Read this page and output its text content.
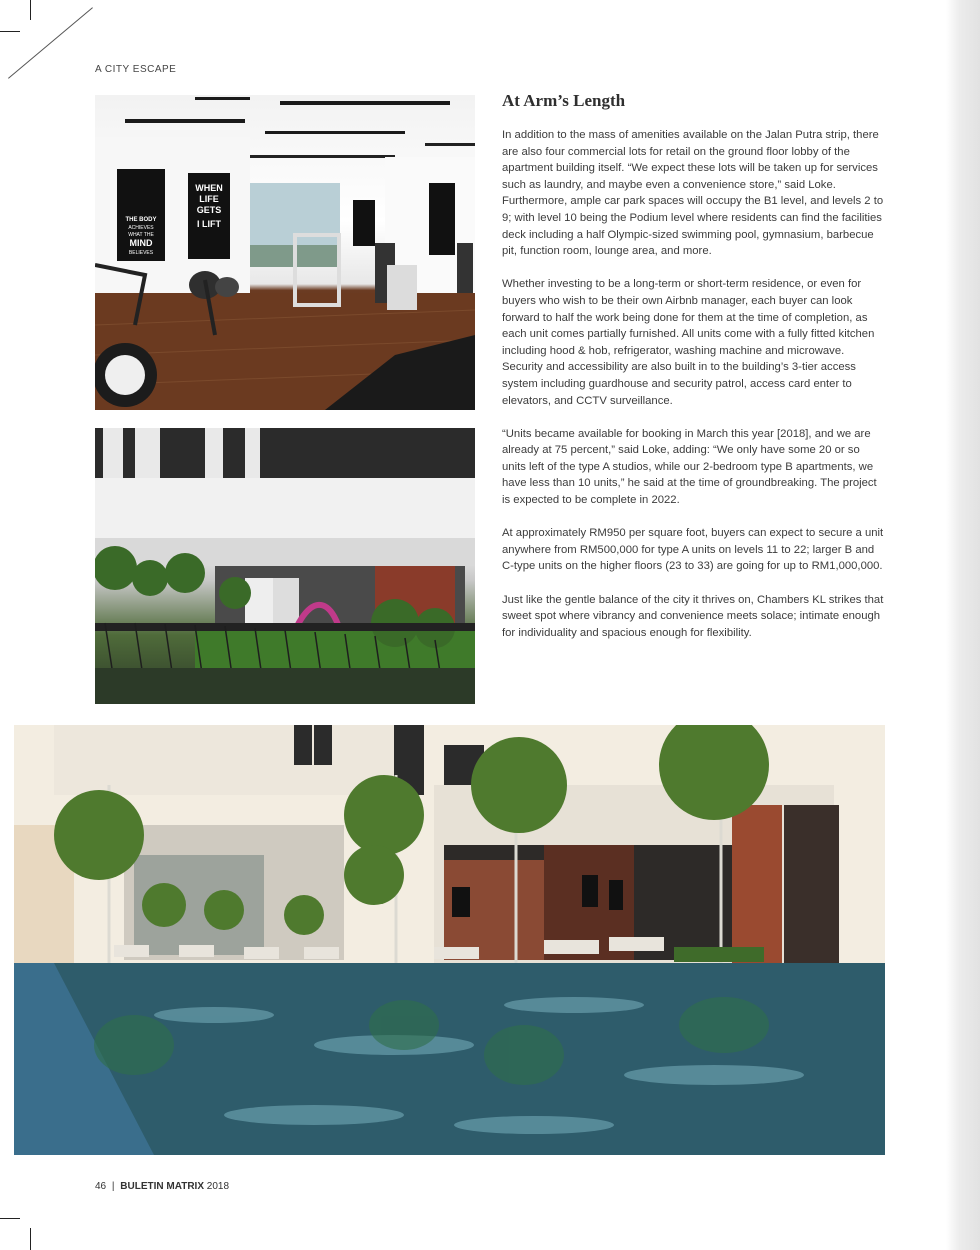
A CITY ESCAPE
THE BODY
ACHIEVES
WHAT THE
MIND
BELIEVES
WHEN
LIFE
GETS
I LIFT
At Arm’s Length

In addition to the mass of amenities available on the Jalan Putra strip, there are also four commercial lots for retail on the ground floor lobby of the apartment building itself. “We expect these lots will be taken up for services such as laundry, and maybe even a convenience store,” said Loke. Furthermore, ample car park spaces will occupy the B1 level, and levels 2 to 9; with level 10 being the Podium level where residents can find the facilities deck including a half Olympic-sized swimming pool, gymnasium, barbecue pit, function room, lounge area, and more.

Whether investing to be a long-term or short-term residence, or even for buyers who wish to be their own Airbnb manager, each buyer can look forward to half the work being done for them at the time of completion, as each unit comes partially furnished. All units come with a fully fitted kitchen including hood & hob, refrigerator, washing machine and microwave. Security and accessibility are also built in to the building’s 3-tier access system including guardhouse and security patrol, access card enter to elevators, and CCTV surveillance.

“Units became available for booking in March this year [2018], and we are already at 75 percent,” said Loke, adding: “We only have some 20 or so units left of the type A studios, while our 2-bedroom type B apartments, we have less than 10 units,” he said at the time of groundbreaking. The project is expected to be complete in 2022.

At approximately RM950 per square foot, buyers can expect to secure a unit anywhere from RM500,000 for type A units on levels 11 to 22; larger B and C-type units on the higher floors (23 to 33) are going for up to RM1,000,000.

Just like the gentle balance of the city it thrives on, Chambers KL strikes that sweet spot where vibrancy and convenience meets solace; intimate enough for individuality and spacious enough for flexibility.

46 | BULETIN MATRIX 2018
